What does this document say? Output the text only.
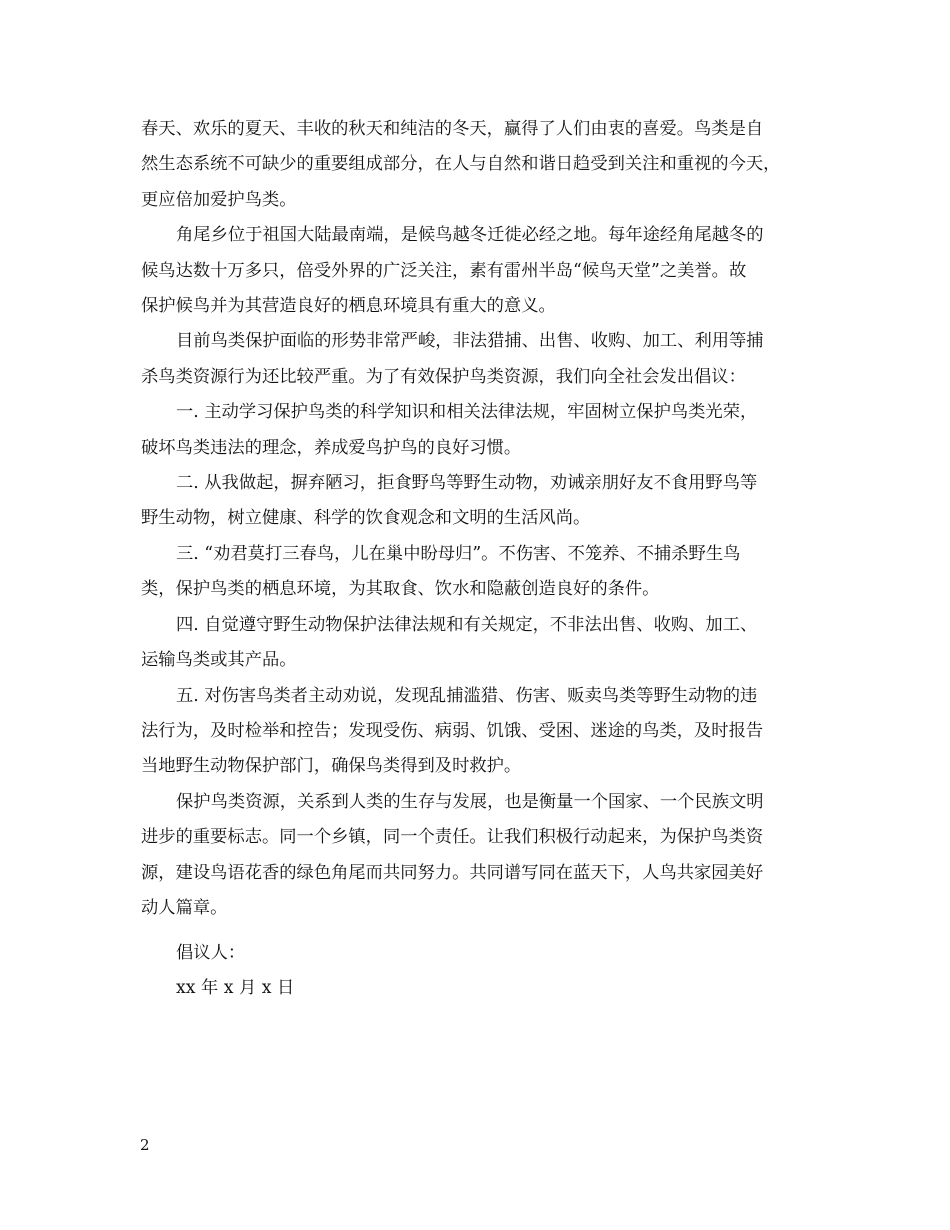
春天、欢乐的夏天、丰收的秋天和纯洁的冬天，赢得了人们由衷的喜爱。鸟类是自
然生态系统不可缺少的重要组成部分，在人与自然和谐日趋受到关注和重视的今天，
更应倍加爱护鸟类。

角尾乡位于祖国大陆最南端，是候鸟越冬迁徙必经之地。每年途经角尾越冬的
候鸟达数十万多只，倍受外界的广泛关注，素有雷州半岛“候鸟天堂”之美誉。故
保护候鸟并为其营造良好的栖息环境具有重大的意义。

目前鸟类保护面临的形势非常严峻，非法猎捕、出售、收购、加工、利用等捕
杀鸟类资源行为还比较严重。为了有效保护鸟类资源，我们向全社会发出倡议：

一. 主动学习保护鸟类的科学知识和相关法律法规，牢固树立保护鸟类光荣，
破坏鸟类违法的理念，养成爱鸟护鸟的良好习惯。

二. 从我做起，摒弃陋习，拒食野鸟等野生动物，劝诫亲朋好友不食用野鸟等
野生动物，树立健康、科学的饮食观念和文明的生活风尚。

三. “劝君莫打三春鸟，儿在巢中盼母归”。不伤害、不笼养、不捕杀野生鸟
类，保护鸟类的栖息环境，为其取食、饮水和隐蔽创造良好的条件。

四. 自觉遵守野生动物保护法律法规和有关规定，不非法出售、收购、加工、
运输鸟类或其产品。

五. 对伤害鸟类者主动劝说，发现乱捕滥猎、伤害、贩卖鸟类等野生动物的违
法行为，及时检举和控告；发现受伤、病弱、饥饿、受困、迷途的鸟类，及时报告
当地野生动物保护部门，确保鸟类得到及时救护。

保护鸟类资源，关系到人类的生存与发展，也是衡量一个国家、一个民族文明
进步的重要标志。同一个乡镇，同一个责任。让我们积极行动起来，为保护鸟类资
源，建设鸟语花香的绿色角尾而共同努力。共同谱写同在蓝天下，人鸟共家园美好
动人篇章。

倡议人：
xx 年 x 月 x 日
2
